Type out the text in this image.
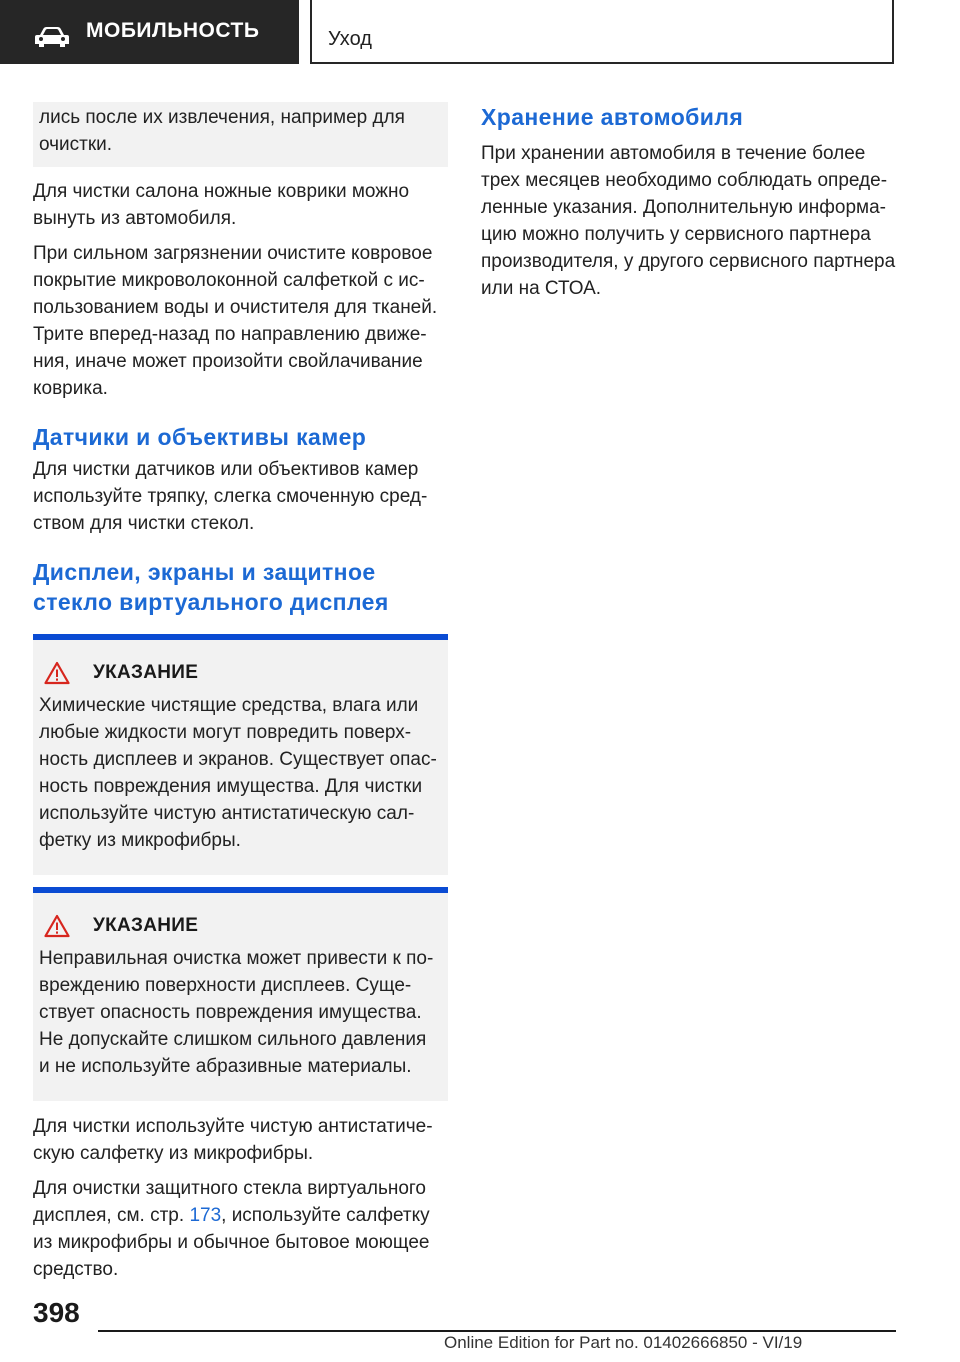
МОБИЛЬНОСТЬ	Уход

лись после их извлечения, например для очистки.

Для чистки салона ножные коврики можно вынуть из автомобиля.

При сильном загрязнении очистите ковровое покрытие микроволоконной салфеткой с использованием воды и очистителя для тканей. Трите вперед-назад по направлению движения, иначе может произойти свойлачивание коврика.

Датчики и объективы камер

Для чистки датчиков или объективов камер используйте тряпку, слегка смоченную средством для чистки стекол.

Дисплеи, экраны и защитное стекло виртуального дисплея
УКАЗАНИЕ

Химические чистящие средства, влага или любые жидкости могут повредить поверхность дисплеев и экранов. Существует опасность повреждения имущества. Для чистки используйте чистую антистатическую салфетку из микрофибры.

УКАЗАНИЕ

Неправильная очистка может привести к повреждению поверхности дисплеев. Существует опасность повреждения имущества. Не допускайте слишком сильного давления и не используйте абразивные материалы.

Для чистки используйте чистую антистатическую салфетку из микрофибры.

Для очистки защитного стекла виртуального дисплея, см. стр. 173, используйте салфетку из микрофибры и обычное бытовое моющее средство.

Хранение автомобиля

При хранении автомобиля в течение более трех месяцев необходимо соблюдать определенные указания. Дополнительную информацию можно получить у сервисного партнера производителя, у другого сервисного партнера или на СТОА.

398
Online Edition for Part no. 01402666850 - VI/19
